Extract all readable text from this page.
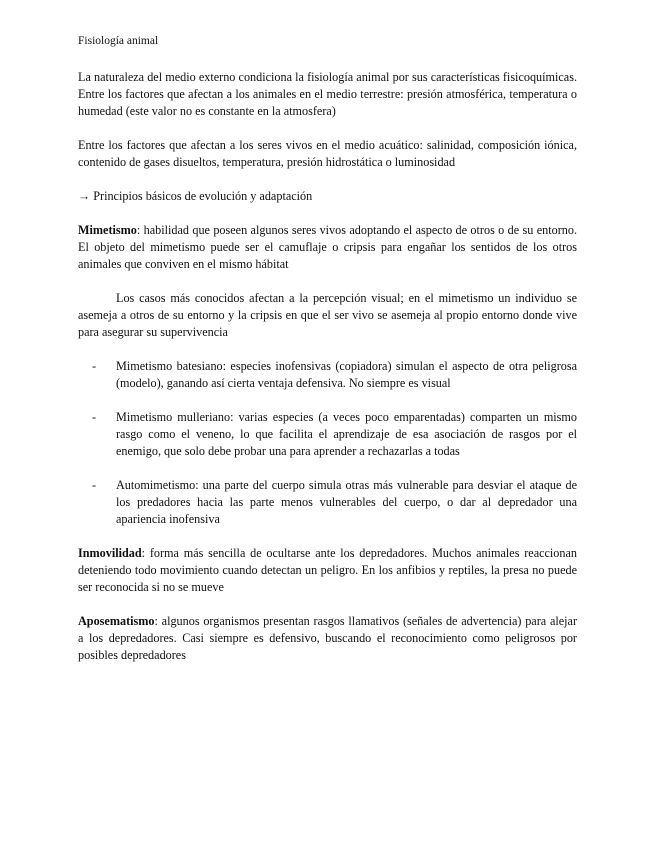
Fisiología animal

La naturaleza del medio externo condiciona la fisiología animal por sus características fisicoquímicas. Entre los factores que afectan a los animales en el medio terrestre: presión atmosférica, temperatura o humedad (este valor no es constante en la atmosfera)

Entre los factores que afectan a los seres vivos en el medio acuático: salinidad, composición iónica, contenido de gases disueltos, temperatura, presión hidrostática o luminosidad

→ Principios básicos de evolución y adaptación

Mimetismo: habilidad que poseen algunos seres vivos adoptando el aspecto de otros o de su entorno. El objeto del mimetismo puede ser el camuflaje o cripsis para engañar los sentidos de los otros animales que conviven en el mismo hábitat

Los casos más conocidos afectan a la percepción visual; en el mimetismo un individuo se asemeja a otros de su entorno y la cripsis en que el ser vivo se asemeja al propio entorno donde vive para asegurar su supervivencia

- Mimetismo batesiano: especies inofensivas (copiadora) simulan el aspecto de otra peligrosa (modelo), ganando así cierta ventaja defensiva. No siempre es visual
- Mimetismo mulleriano: varias especies (a veces poco emparentadas) comparten un mismo rasgo como el veneno, lo que facilita el aprendizaje de esa asociación de rasgos por el enemigo, que solo debe probar una para aprender a rechazarlas a todas
- Automimetismo: una parte del cuerpo simula otras más vulnerable para desviar el ataque de los predadores hacia las parte menos vulnerables del cuerpo, o dar al depredador una apariencia inofensiva

Inmovilidad: forma más sencilla de ocultarse ante los depredadores. Muchos animales reaccionan deteniendo todo movimiento cuando detectan un peligro. En los anfibios y reptiles, la presa no puede ser reconocida si no se mueve

Aposematismo: algunos organismos presentan rasgos llamativos (señales de advertencia) para alejar a los depredadores. Casi siempre es defensivo, buscando el reconocimiento como peligrosos por posibles depredadores
